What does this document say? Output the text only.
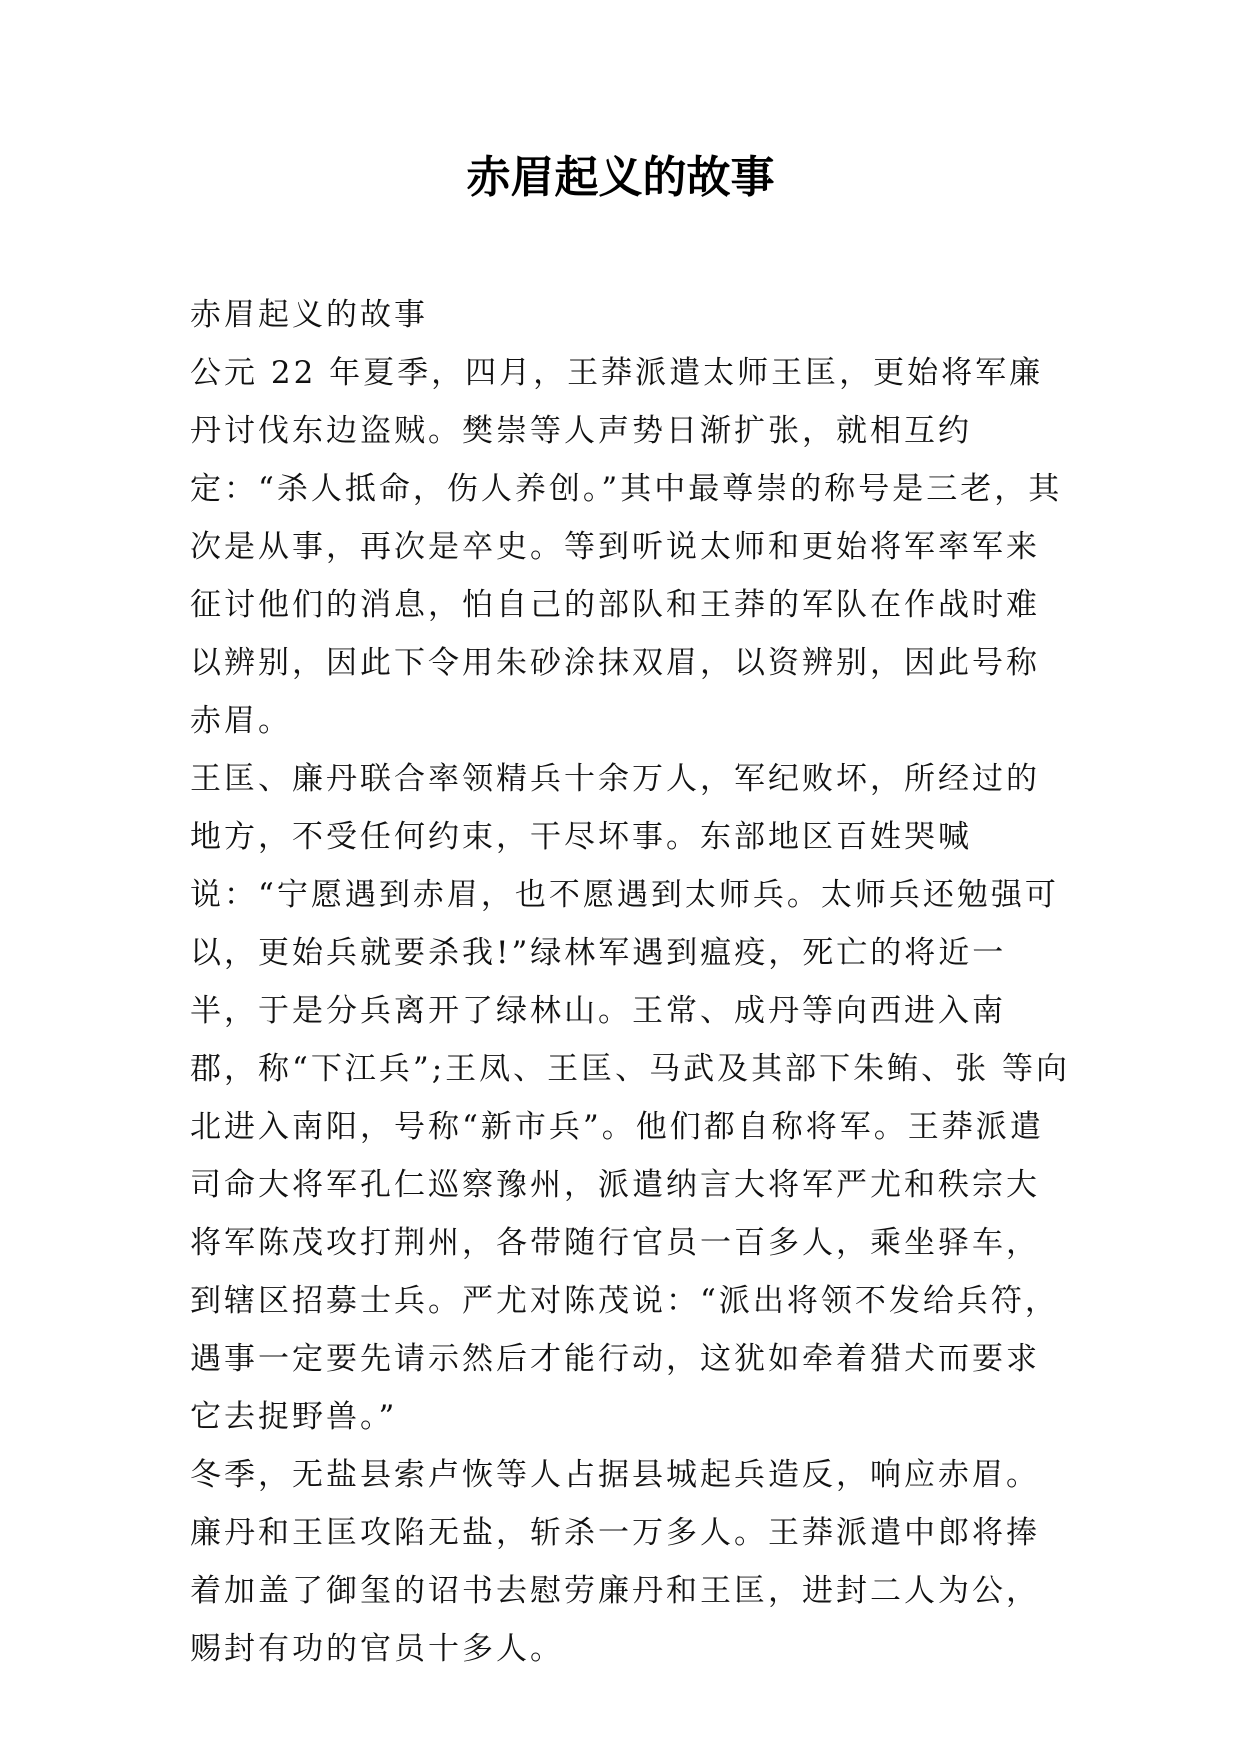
赤眉起义的故事

赤眉起义的故事

公元 22 年夏季，四月，王莽派遣太师王匡，更始将军廉丹讨伐东边盗贼。樊崇等人声势日渐扩张，就相互约定：“杀人抵命，伤人养创。”其中最尊崇的称号是三老，其次是从事，再次是卒史。等到听说太师和更始将军率军来征讨他们的消息，怕自己的部队和王莽的军队在作战时难以辨别，因此下令用朱砂涂抹双眉，以资辨别，因此号称赤眉。

王匡、廉丹联合率领精兵十余万人，军纪败坏，所经过的地方，不受任何约束，干尽坏事。东部地区百姓哭喊说：“宁愿遇到赤眉，也不愿遇到太师兵。太师兵还勉强可以，更始兵就要杀我!”绿林军遇到瘟疫，死亡的将近一半，于是分兵离开了绿林山。王常、成丹等向西进入南郡，称“下江兵”;王凤、王匡、马武及其部下朱鲔、张 等向北进入南阳，号称“新市兵”。他们都自称将军。王莽派遣司命大将军孔仁巡察豫州，派遣纳言大将军严尤和秩宗大将军陈茂攻打荆州，各带随行官员一百多人，乘坐驿车，到辖区招募士兵。严尤对陈茂说：“派出将领不发给兵符，遇事一定要先请示然后才能行动，这犹如牵着猎犬而要求它去捉野兽。”

冬季，无盐县索卢恢等人占据县城起兵造反，响应赤眉。廉丹和王匡攻陷无盐，斩杀一万多人。王莽派遣中郎将捧着加盖了御玺的诏书去慰劳廉丹和王匡，进封二人为公，赐封有功的官员十多人。
